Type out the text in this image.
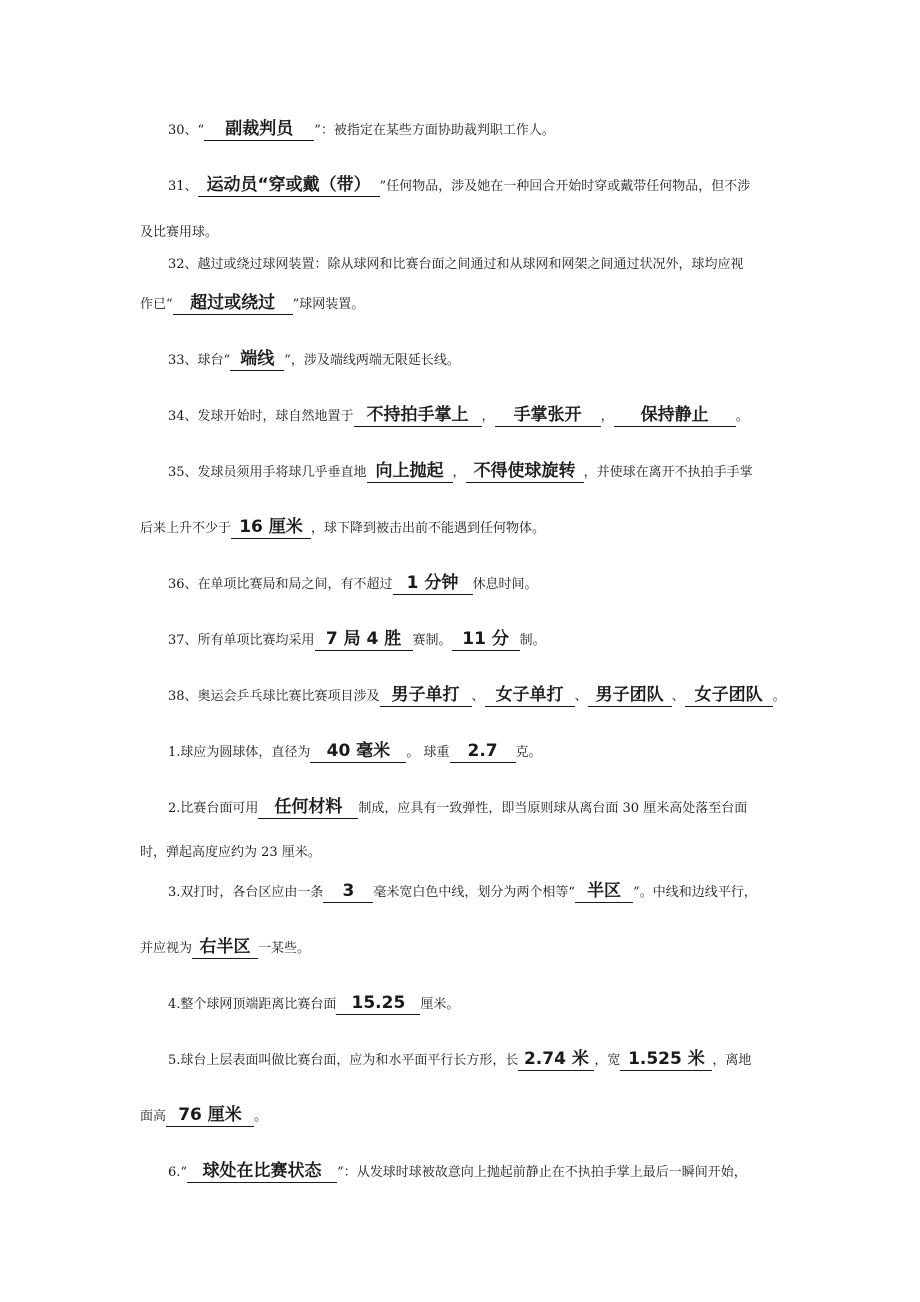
30、“ 副裁判员 ”：被指定在某些方面协助裁判职工作人。
31、 运动员“穿或戴（带） ”任何物品，涉及她在一种回合开始时穿或戴带任何物品，但不涉
及比赛用球。
32、越过或绕过球网装置：除从球网和比赛台面之间通过和从球网和网架之间通过状况外，球均应视
作已“ 超过或绕过 ”球网装置。
33、球台“ 端线 ”，涉及端线两端无限延长线。
34、发球开始时，球自然地置于 不持拍手掌上 ， 手掌张开 ， 保持静止 。
35、发球员须用手将球几乎垂直地 向上抛起 ， 不得使球旋转 ，并使球在离开不执拍手手掌
后来上升不少于 16 厘米 ，球下降到被击出前不能遇到任何物体。
36、在单项比赛局和局之间，有不超过 1 分钟 休息时间。
37、所有单项比赛均采用 7 局 4 胜 赛制。 11 分 制。
38、奥运会乒乓球比赛比赛项目涉及 男子单打 、 女子单打 、 男子团队 、 女子团队 。
1.球应为圆球体，直径为 40 毫米 。 球重 2.7 克。
2.比赛台面可用 任何材料 制成，应具有一致弹性，即当原则球从离台面 30 厘米高处落至台面
时，弹起高度应约为 23 厘米。
3.双打时，各台区应由一条 3 毫米宽白色中线，划分为两个相等“ 半区 ”。中线和边线平行，
并应视为 右半区 一某些。
4.整个球网顶端距离比赛台面 15.25 厘米。
5.球台上层表面叫做比赛台面，应为和水平面平行长方形，长 2.74 米 ，宽 1.525 米 ，离地
面高 76 厘米 。
6.“ 球处在比赛状态 ”：从发球时球被故意向上抛起前静止在不执拍手掌上最后一瞬间开始，
